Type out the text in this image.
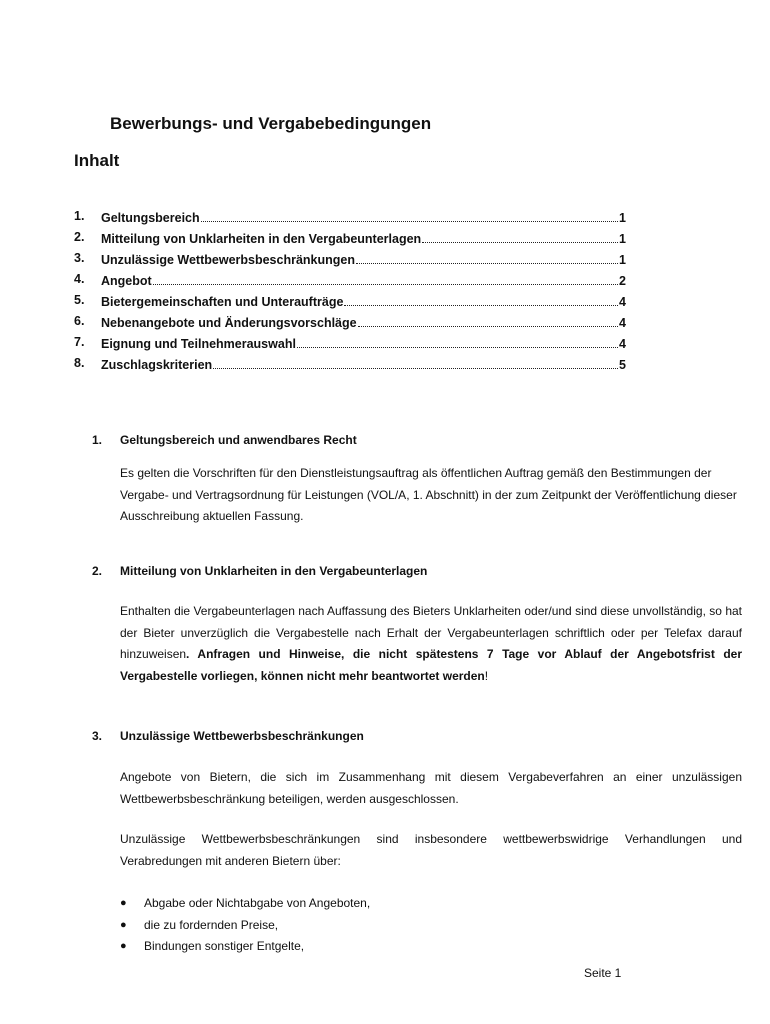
Bewerbungs- und Vergabebedingungen
Inhalt
1. Geltungsbereich	1
2. Mitteilung von Unklarheiten in den Vergabeunterlagen	1
3. Unzulässige Wettbewerbsbeschränkungen	1
4. Angebot	2
5. Bietergemeinschaften und Unteraufträge	4
6. Nebenangebote und Änderungsvorschläge	4
7. Eignung und Teilnehmerauswahl	4
8. Zuschlagskriterien	5
1. Geltungsbereich und anwendbares Recht
Es gelten die Vorschriften für den Dienstleistungsauftrag als öffentlichen Auftrag gemäß den Bestimmungen der Vergabe- und Vertragsordnung für Leistungen (VOL/A, 1. Abschnitt) in der zum Zeitpunkt der Veröffentlichung dieser Ausschreibung aktuellen Fassung.
2. Mitteilung von Unklarheiten in den Vergabeunterlagen
Enthalten die Vergabeunterlagen nach Auffassung des Bieters Unklarheiten oder/und sind diese unvollständig, so hat der Bieter unverzüglich die Vergabestelle nach Erhalt der Vergabeunterlagen schriftlich oder per Telefax darauf hinzuweisen. Anfragen und Hinweise, die nicht spätestens 7 Tage vor Ablauf der Angebotsfrist der Vergabestelle vorliegen, können nicht mehr beantwortet werden!
3. Unzulässige Wettbewerbsbeschränkungen
Angebote von Bietern, die sich im Zusammenhang mit diesem Vergabeverfahren an einer unzulässigen Wettbewerbsbeschränkung beteiligen, werden ausgeschlossen.
Unzulässige Wettbewerbsbeschränkungen sind insbesondere wettbewerbswidrige Verhandlungen und Verabredungen mit anderen Bietern über:
● Abgabe oder Nichtabgabe von Angeboten,
● die zu fordernden Preise,
● Bindungen sonstiger Entgelte,
Seite 1
